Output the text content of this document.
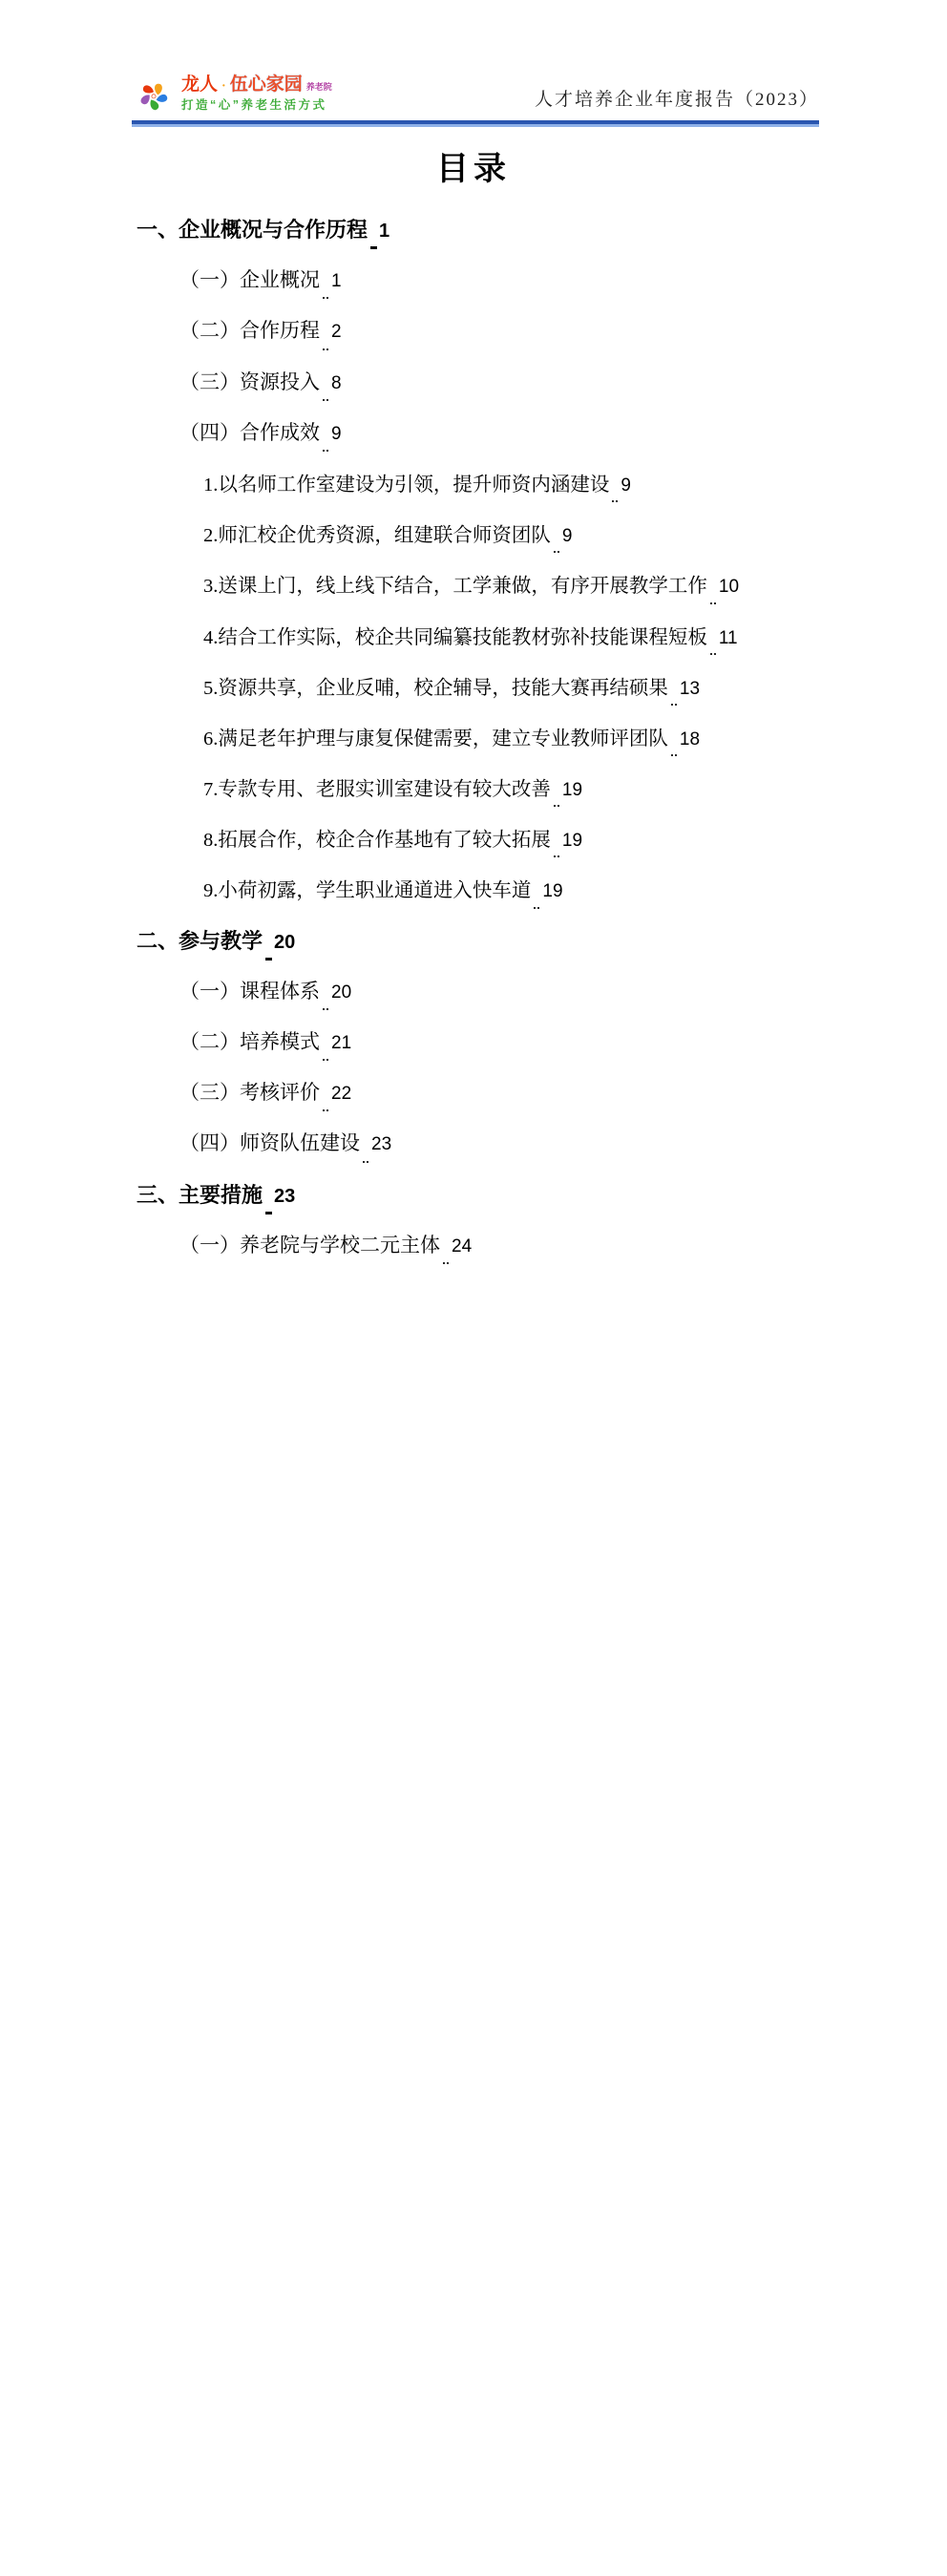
龙人 · 伍心家园 养老院
打造“心”养老生活方式	人才培养企业年度报告（2023）
目录
一、企业概况与合作历程 1
（一）企业概况 1
（二）合作历程 2
（三）资源投入 8
（四）合作成效 9
1.以名师工作室建设为引领，提升师资内涵建设 9
2.师汇校企优秀资源，组建联合师资团队 9
3.送课上门，线上线下结合，工学兼做，有序开展教学工作 10
4.结合工作实际，校企共同编纂技能教材弥补技能课程短板 11
5.资源共享，企业反哺，校企辅导，技能大赛再结硕果 13
6.满足老年护理与康复保健需要，建立专业教师评团队 18
7.专款专用、老服实训室建设有较大改善 19
8.拓展合作，校企合作基地有了较大拓展 19
9.小荷初露，学生职业通道进入快车道 19
二、参与教学 20
（一）课程体系 20
（二）培养模式 21
（三）考核评价 22
（四）师资队伍建设 23
三、主要措施 23
（一）养老院与学校二元主体 24
